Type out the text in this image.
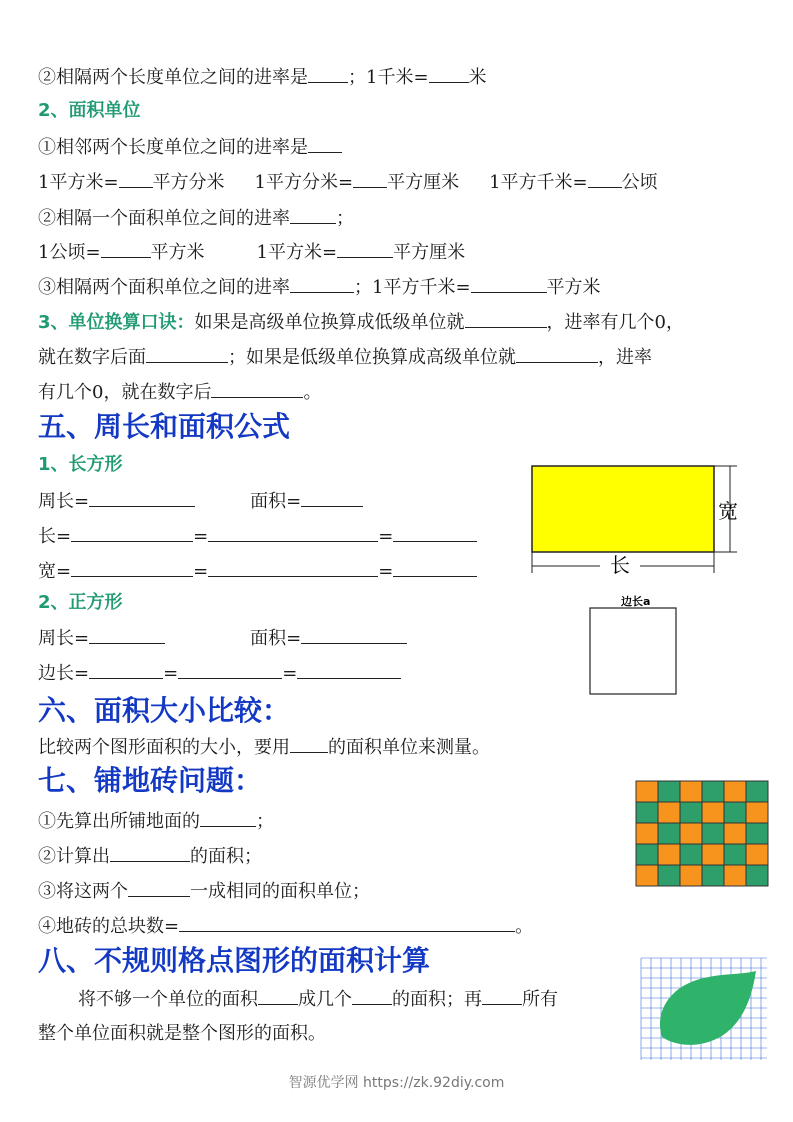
②相隔两个长度单位之间的进率是 ；1千米= 米
2、面积单位
①相邻两个长度单位之间的进率是
1平方米= 平方分米 1平方分米= 平方厘米 1平方千米= 公顷
②相隔一个面积单位之间的进率	；
1公顷=	平方米	1平方米=	平方厘米
③相隔两个面积单位之间的进率	；1平方千米=	平方米
3、单位换算口诀：如果是高级单位换算成低级单位就	，进率有几个0，
就在数字后面	；如果是低级单位换算成高级单位就	，进率
有几个0，就在数字后	。
五、周长和面积公式
1、长方形
周长=	面积=
长=	=	=
宽=	=	=
宽
长
2、正方形
周长=	面积=
边长=	=	=
边长a
六、面积大小比较：
比较两个图形面积的大小，要用 的面积单位来测量。
七、铺地砖问题：
①先算出所铺地面的	；
②计算出	的面积；
③将这两个	一成相同的面积单位；
④地砖的总块数=	。
八、不规则格点图形的面积计算
将不够一个单位的面积 成几个 的面积；再 所有
整个单位面积就是整个图形的面积。
智源优学网 https://zk.92diy.com
